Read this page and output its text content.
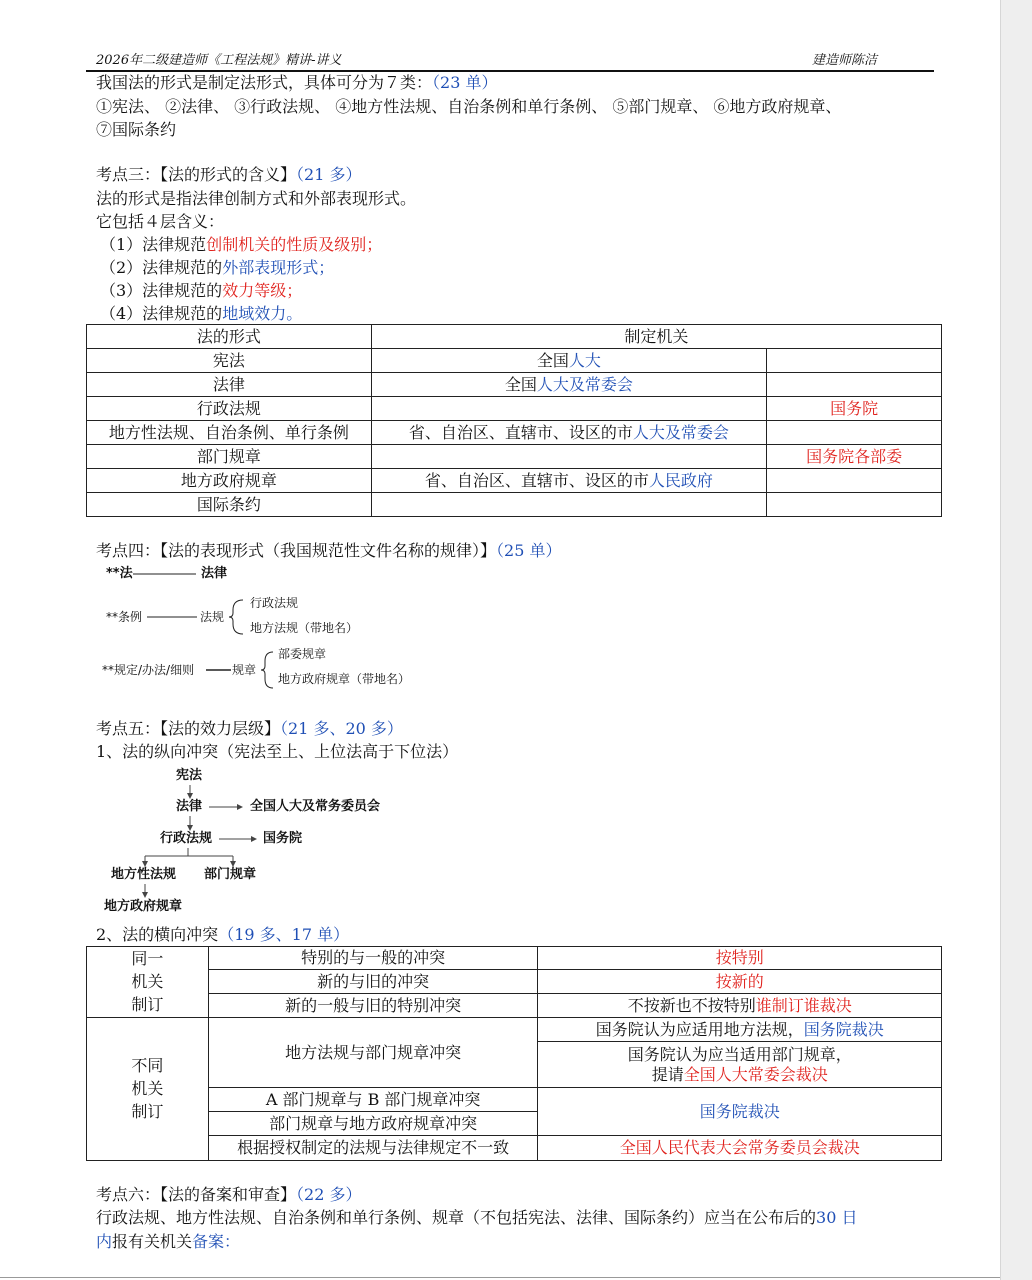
2026年二级建造师《工程法规》精讲-讲义	建造师陈洁
我国法的形式是制定法形式，具体可分为７类：（23 单）
①宪法、 ②法律、 ③行政法规、 ④地方性法规、自治条例和单行条例、 ⑤部门规章、 ⑥地方政府规章、
⑦国际条约
考点三：【法的形式的含义】（21 多）
法的形式是指法律创制方式和外部表现形式。
它包括４层含义：
（1）法律规范创制机关的性质及级别；
（2）法律规范的外部表现形式；
（3）法律规范的效力等级；
（4）法律规范的地域效力。
法的形式	制定机关	
宪法	全国人大	
法律	全国人大及常委会	
行政法规		国务院
地方性法规、自治条例、单行条例	省、自治区、直辖市、设区的市人大及常委会	
部门规章		国务院各部委
地方政府规章	省、自治区、直辖市、设区的市人民政府	
国际条约		
考点四：【法的表现形式（我国规范性文件名称的规律）】（25 单）
**法	法律
**条例	法规
行政法规
地方法规（带地名）
**规定/办法/细则	规章
部委规章
地方政府规章（带地名）
考点五：【法的效力层级】（21 多、20 多）
1、法的纵向冲突（宪法至上、上位法高于下位法）
宪法
法律	全国人大及常务委员会
行政法规	国务院
地方性法规 部门规章
地方政府规章
2、法的横向冲突（19 多、17 单）
同一
机关
制订	特别的与一般的冲突	按特别
	新的与旧的冲突	按新的
	新的一般与旧的特别冲突	不按新也不按特别谁制订谁裁决

不同
机关
制订	地方法规与部门规章冲突	国务院认为应适用地方法规，国务院裁决

		国务院认为应当适用部门规章，
提请全国人大常委会裁决

	A 部门规章与 B 部门规章冲突	国务院裁决
	部门规章与地方政府规章冲突	
	根据授权制定的法规与法律规定不一致	全国人民代表大会常务委员会裁决
考点六：【法的备案和审查】（22 多）
行政法规、地方性法规、自治条例和单行条例、规章（不包括宪法、法律、国际条约）应当在公布后的30 日
内报有关机关备案：
